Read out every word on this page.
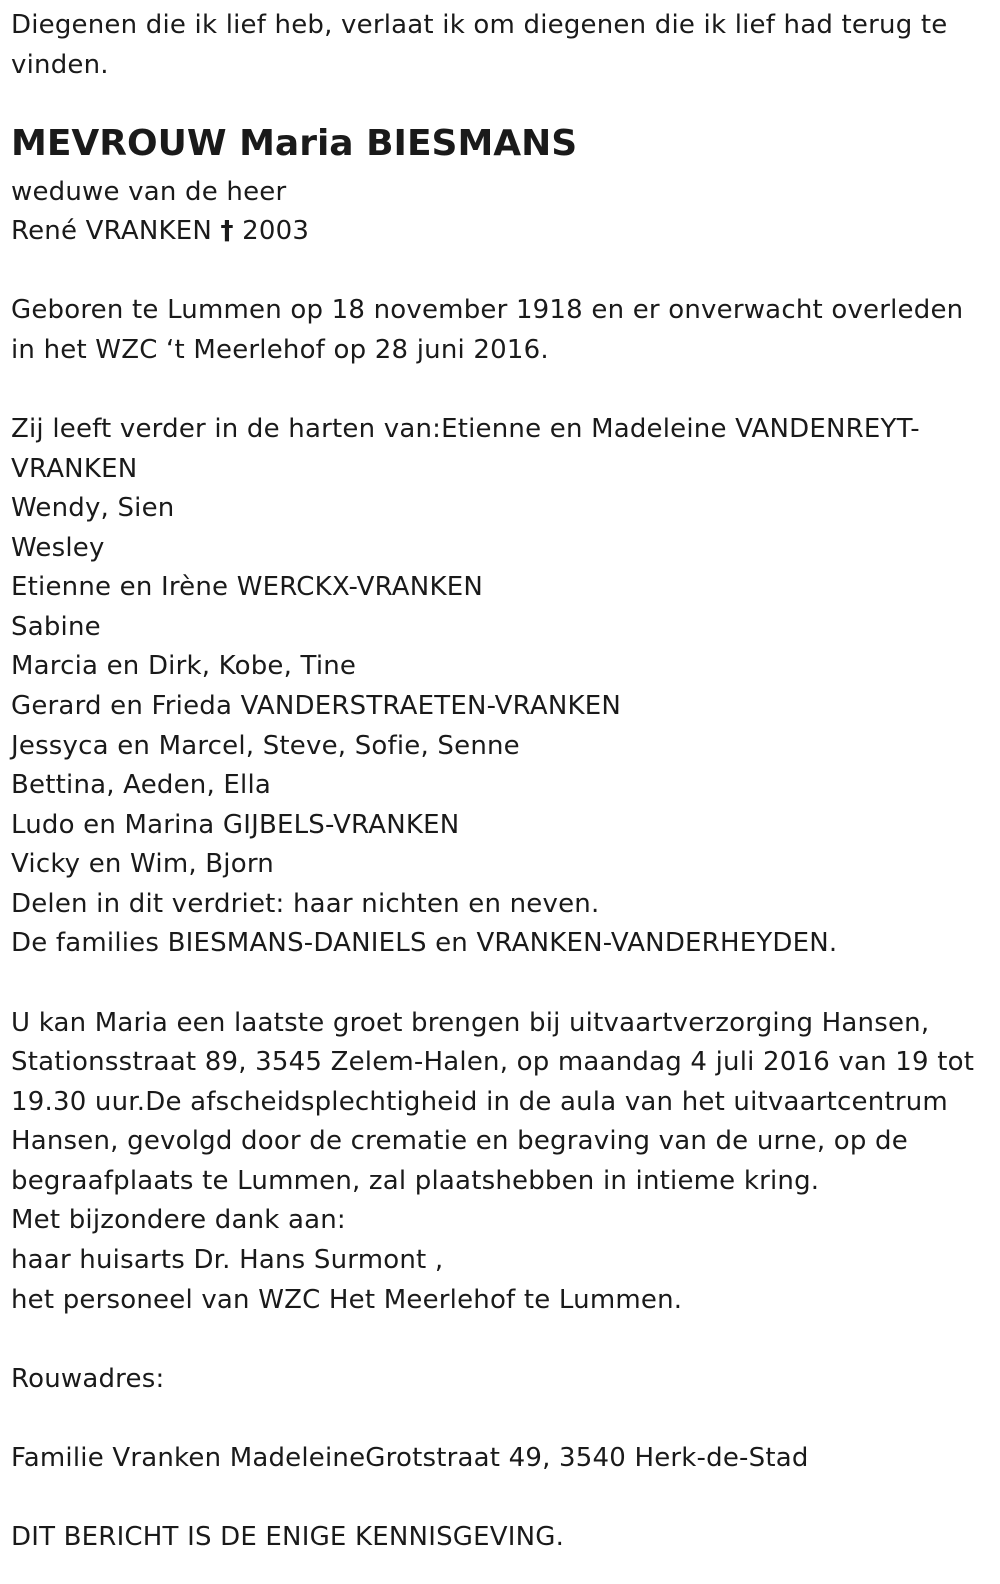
Diegenen die ik lief heb, verlaat ik om diegenen die ik lief had terug te

vinden.

MEVROUW Maria BIESMANS

weduwe van de heer

René VRANKEN † 2003

Geboren te Lummen op 18 november 1918 en er onverwacht overleden

in het WZC ‘t Meerlehof op 28 juni 2016.

Zij leeft verder in de harten van:Etienne en Madeleine VANDENREYT-

VRANKEN

Wendy, Sien

Wesley

Etienne en Irène WERCKX-VRANKEN

Sabine

Marcia en Dirk, Kobe, Tine

Gerard en Frieda VANDERSTRAETEN-VRANKEN

Jessyca en Marcel, Steve, Sofie, Senne

Bettina, Aeden, Ella

Ludo en Marina GIJBELS-VRANKEN

Vicky en Wim, Bjorn

Delen in dit verdriet: haar nichten en neven.

De families BIESMANS-DANIELS en VRANKEN-VANDERHEYDEN.

U kan Maria een laatste groet brengen bij uitvaartverzorging Hansen,

Stationsstraat 89, 3545 Zelem-Halen, op maandag 4 juli 2016 van 19 tot

19.30 uur.De afscheidsplechtigheid in de aula van het uitvaartcentrum

Hansen, gevolgd door de crematie en begraving van de urne, op de

begraafplaats te Lummen, zal plaatshebben in intieme kring.

Met bijzondere dank aan:

haar huisarts Dr. Hans Surmont ,

het personeel van WZC Het Meerlehof te Lummen.

Rouwadres:

Familie Vranken MadeleineGrotstraat 49, 3540 Herk-de-Stad

DIT BERICHT IS DE ENIGE KENNISGEVING.
